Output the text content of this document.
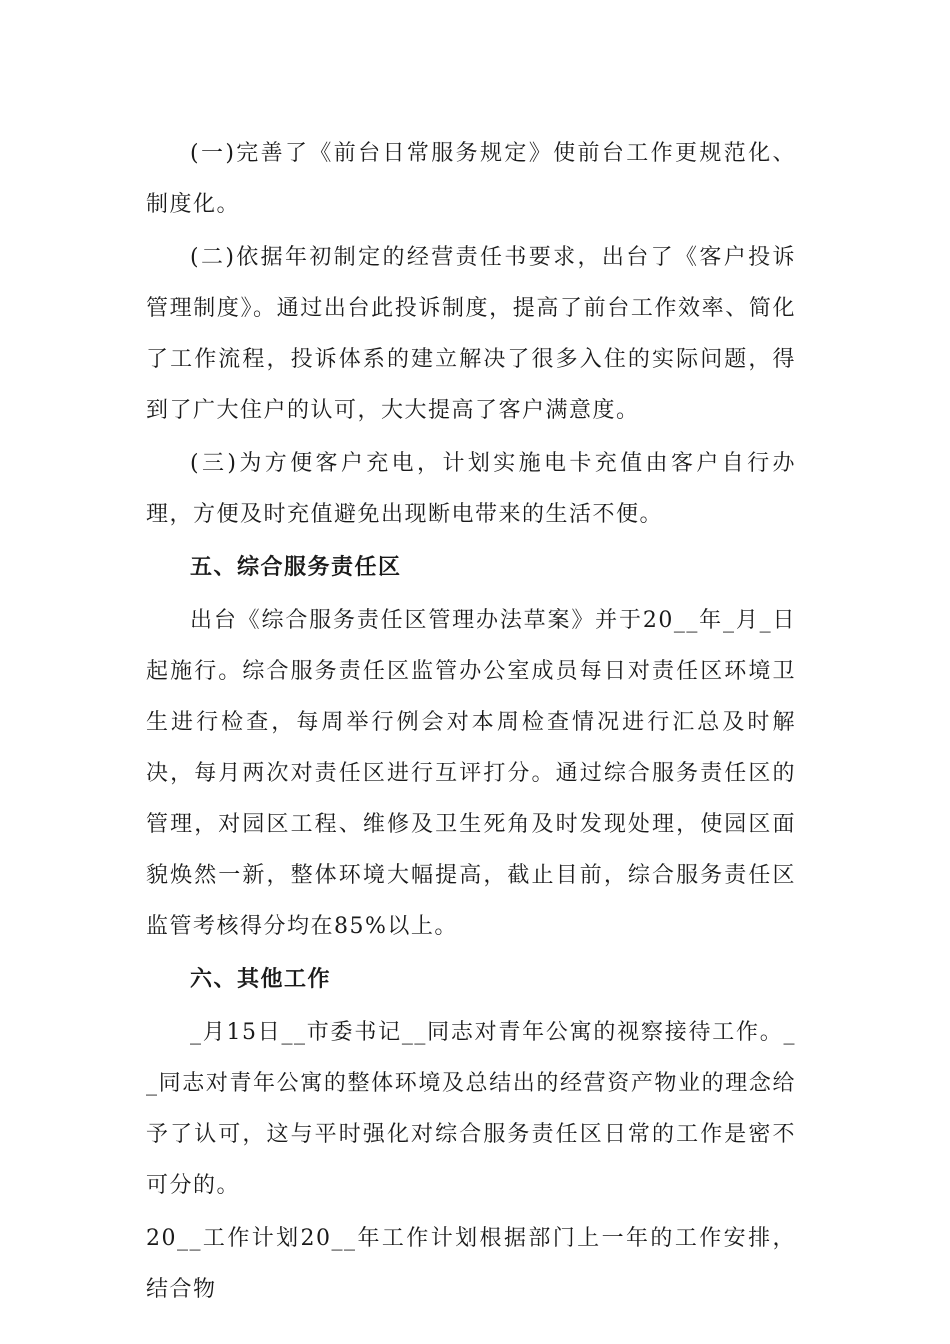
(一)完善了《前台日常服务规定》使前台工作更规范化、制度化。

(二)依据年初制定的经营责任书要求，出台了《客户投诉管理制度》。通过出台此投诉制度，提高了前台工作效率、简化了工作流程，投诉体系的建立解决了很多入住的实际问题，得到了广大住户的认可，大大提高了客户满意度。

(三)为方便客户充电，计划实施电卡充值由客户自行办理，方便及时充值避免出现断电带来的生活不便。

五、综合服务责任区

出台《综合服务责任区管理办法草案》并于20__年_月_日起施行。综合服务责任区监管办公室成员每日对责任区环境卫生进行检查，每周举行例会对本周检查情况进行汇总及时解决，每月两次对责任区进行互评打分。通过综合服务责任区的管理，对园区工程、维修及卫生死角及时发现处理，使园区面貌焕然一新，整体环境大幅提高，截止目前，综合服务责任区监管考核得分均在85%以上。

六、其他工作

_月15日__市委书记__同志对青年公寓的视察接待工作。__同志对青年公寓的整体环境及总结出的经营资产物业的理念给予了认可，这与平时强化对综合服务责任区日常的工作是密不可分的。

20__工作计划20__年工作计划根据部门上一年的工作安排，结合物
